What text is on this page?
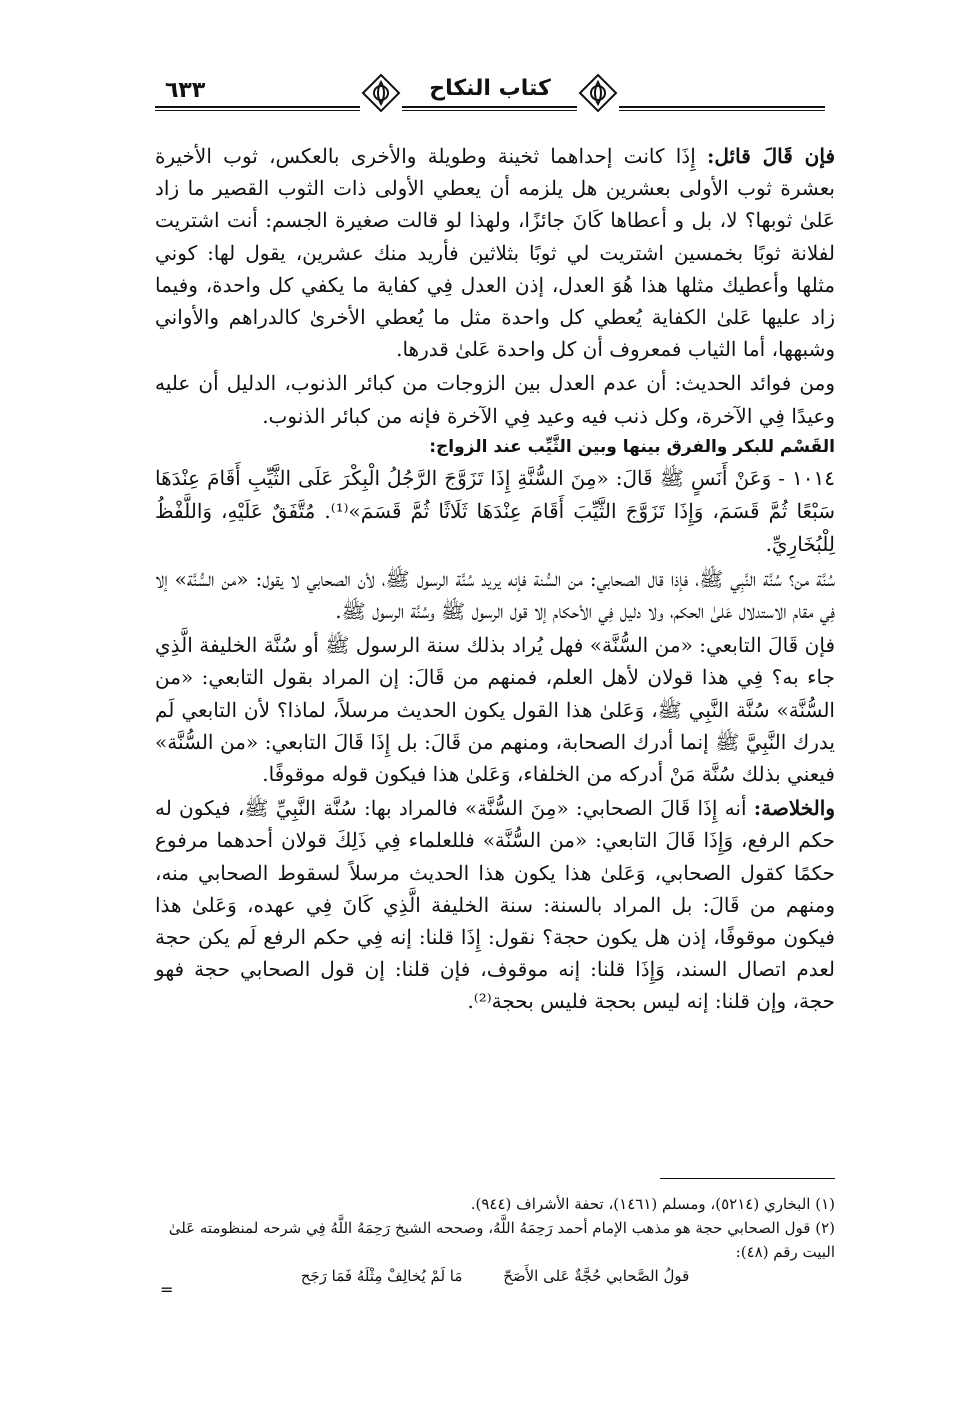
٦٣٣	كتاب النكاح

فإن قَالَ قائل: إِذَا كانت إحداهما ثخينة وطويلة والأخرى بالعكس، ثوب الأخيرة بعشرة ثوب الأولى بعشرين هل يلزمه أن يعطي الأولى ذات الثوب القصير ما زاد عَلىٰ ثوبها؟ لا، بل و أعطاها كَانَ جائزًا، ولهذا لو قالت صغيرة الجسم: أنت اشتريت لفلانة ثوبًا بخمسين اشتريت لي ثوبًا بثلاثين فأريد منك عشرين، يقول لها: كوني مثلها وأعطيك مثلها هذا هُوَ العدل، إذن العدل فِي كفاية ما يكفي كل واحدة، وفيما زاد عليها عَلىٰ الكفاية يُعطي كل واحدة مثل ما يُعطي الأخرىٰ كالدراهم والأواني وشبهها، أما الثياب فمعروف أن كل واحدة عَلىٰ قدرها.

ومن فوائد الحديث: أن عدم العدل بين الزوجات من كبائر الذنوب، الدليل أن عليه وعيدًا فِي الآخرة، وكل ذنب فيه وعيد فِي الآخرة فإنه من كبائر الذنوب.

القَسْم للبكر والفرق بينها وبين الثَّيِّب عند الزواج:

١٠١٤ - وَعَنْ أَنَسٍ ﷺ قَالَ: «مِنَ السُّنَّةِ إِذَا تَزَوَّجَ الرَّجُلُ الْبِكْرَ عَلَى الثَّيِّبِ أَقَامَ عِنْدَهَا سَبْعًا ثُمَّ قَسَمَ، وَإِذَا تَزَوَّجَ الثَّيِّبَ أَقَامَ عِنْدَهَا ثَلَاثًا ثُمَّ قَسَمَ»⁽¹⁾. مُتَّفَقٌ عَلَيْهِ، وَاللَّفْظُ لِلْبُخَارِيِّ.

سُنَّة من؟ سُنَّة النَّبِي ﷺ، فإذا قال الصحابي: من السُّنة فإنه يريد سُنَّة الرسول ﷺ، لأن الصحابي لا يقول: «من السُّنَّة» إلا فِي مقام الاستدلال عَلىٰ الحكم، ولا دليل فِي الأحكام إلا قول الرسول ﷺ وسُنَّة الرسول ﷺ.

فإن قَالَ التابعي: «من السُّنَّة» فهل يُراد بذلك سنة الرسول ﷺ أو سُنَّة الخليفة الَّذِي جاء به؟ فِي هذا قولان لأهل العلم، فمنهم من قَالَ: إن المراد بقول التابعي: «من السُّنَّة» سُنَّة النَّبِي ﷺ، وَعَلىٰ هذا القول يكون الحديث مرسلاً، لماذا؟ لأن التابعي لَم يدرك النَّبِيَّ ﷺ إنما أدرك الصحابة، ومنهم من قَالَ: بل إِذَا قَالَ التابعي: «من السُّنَّة» فيعني بذلك سُنَّة مَنْ أدركه من الخلفاء، وَعَلىٰ هذا فيكون قوله موقوفًا.

والخلاصة: أنه إِذَا قَالَ الصحابي: «مِنَ السُّنَّة» فالمراد بها: سُنَّة النَّبِيِّ ﷺ، فيكون له حكم الرفع، وَإِذَا قَالَ التابعي: «من السُّنَّة» فللعلماء فِي ذَلِكَ قولان أحدهما مرفوع حكمًا كقول الصحابي، وَعَلىٰ هذا يكون هذا الحديث مرسلاً لسقوط الصحابي منه، ومنهم من قَالَ: بل المراد بالسنة: سنة الخليفة الَّذِي كَانَ فِي عهده، وَعَلىٰ هذا فيكون موقوفًا، إذن هل يكون حجة؟ نقول: إِذَا قلنا: إنه فِي حكم الرفع لَم يكن حجة لعدم اتصال السند، وَإِذَا قلنا: إنه موقوف، فإن قلنا: إن قول الصحابي حجة فهو حجة، وإن قلنا: إنه ليس بحجة فليس بحجة⁽²⁾.

(١) البخاري (٥٢١٤)، ومسلم (١٤٦١)، تحفة الأشراف (٩٤٤).

(٢) قول الصحابي حجة هو مذهب الإمام أحمد رَحِمَهُ اللَّهُ، وصححه الشيخ رَحِمَهُ اللَّهُ فِي شرحه لمنظومته عَلىٰ البيت رقم (٤٨):

قولُ الصَّحابي حُجَّةٌ عَلى الأَصَحّ مَا لَمْ يُخالِفْ مِثْلَهُ فَمَا رَجَح

=
